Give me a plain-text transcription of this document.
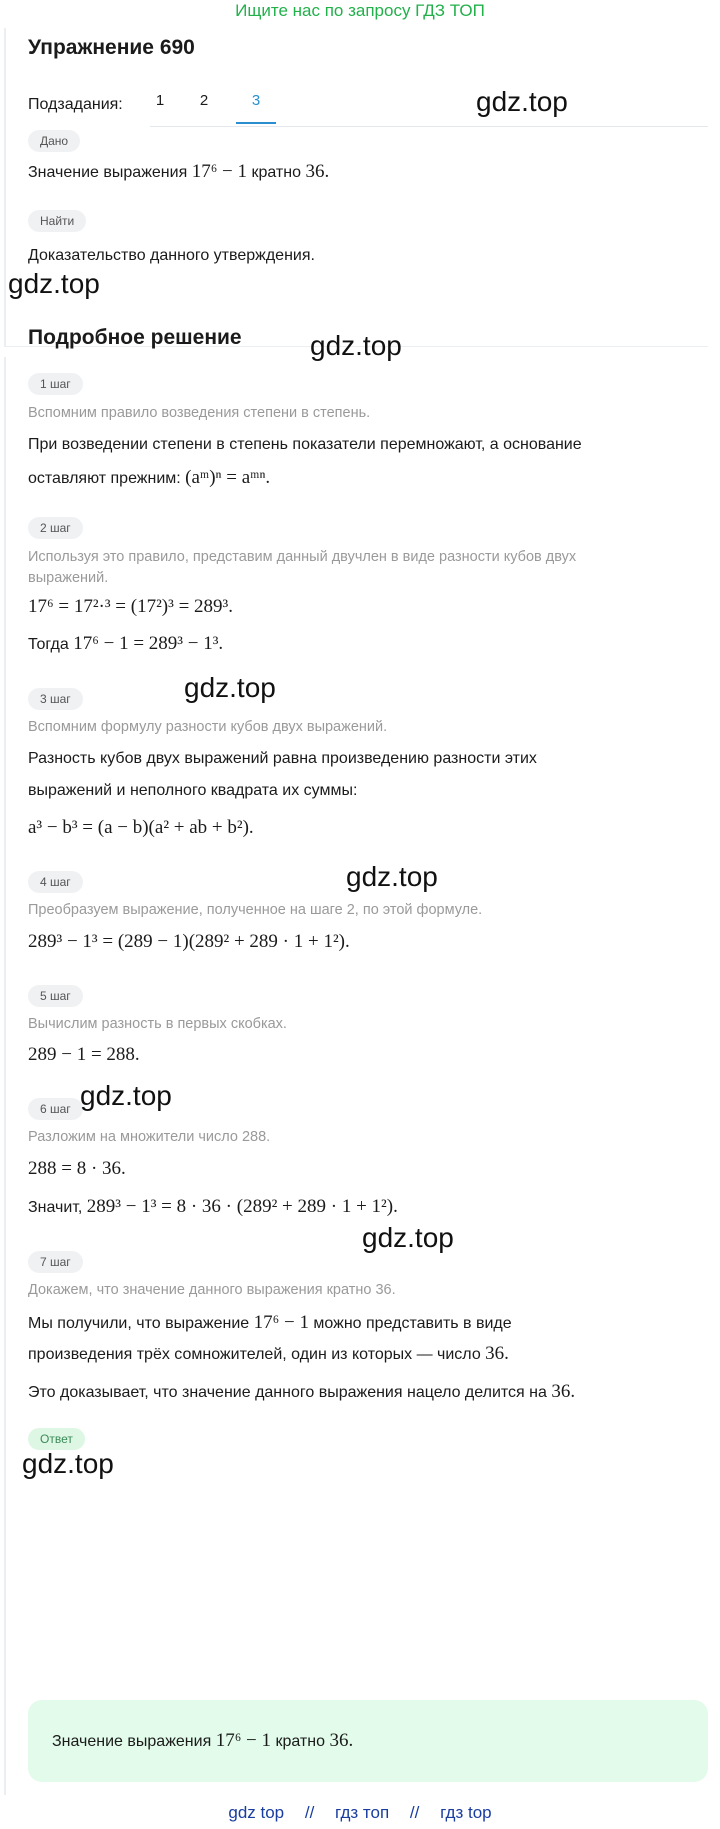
Ищите нас по запросу ГДЗ ТОП
Упражнение 690
Подзадания:	1	2	3
Дано
Значение выражения 17⁶ − 1 кратно 36.
Найти
Доказательство данного утверждения.
Подробное решение
1 шаг
Вспомним правило возведения степени в степень.
При возведении степени в степень показатели перемножают, а основание
оставляют прежним: (aᵐ)ⁿ = aᵐⁿ.
2 шаг
Используя это правило, представим данный двучлен в виде разности кубов двух
выражений.
17⁶ = 17²·³ = (17²)³ = 289³.
Тогда 17⁶ − 1 = 289³ − 1³.
3 шаг
Вспомним формулу разности кубов двух выражений.
Разность кубов двух выражений равна произведению разности этих
выражений и неполного квадрата их суммы:
a³ − b³ = (a − b)(a² + ab + b²).
4 шаг
Преобразуем выражение, полученное на шаге 2, по этой формуле.
289³ − 1³ = (289 − 1)(289² + 289 · 1 + 1²).
5 шаг
Вычислим разность в первых скобках.
289 − 1 = 288.
6 шаг
Разложим на множители число 288.
288 = 8 · 36.
Значит, 289³ − 1³ = 8 · 36 · (289² + 289 · 1 + 1²).
7 шаг
Докажем, что значение данного выражения кратно 36.
Мы получили, что выражение 17⁶ − 1 можно представить в виде
произведения трёх сомножителей, один из которых — число 36.
Это доказывает, что значение данного выражения нацело делится на 36.
Ответ
Значение выражения 17⁶ − 1 кратно 36.
gdz.top
gdz.top
gdz.top
gdz.top
gdz.top
gdz.top
gdz.top
gdz.top
gdz top // гдз топ // гдз top
